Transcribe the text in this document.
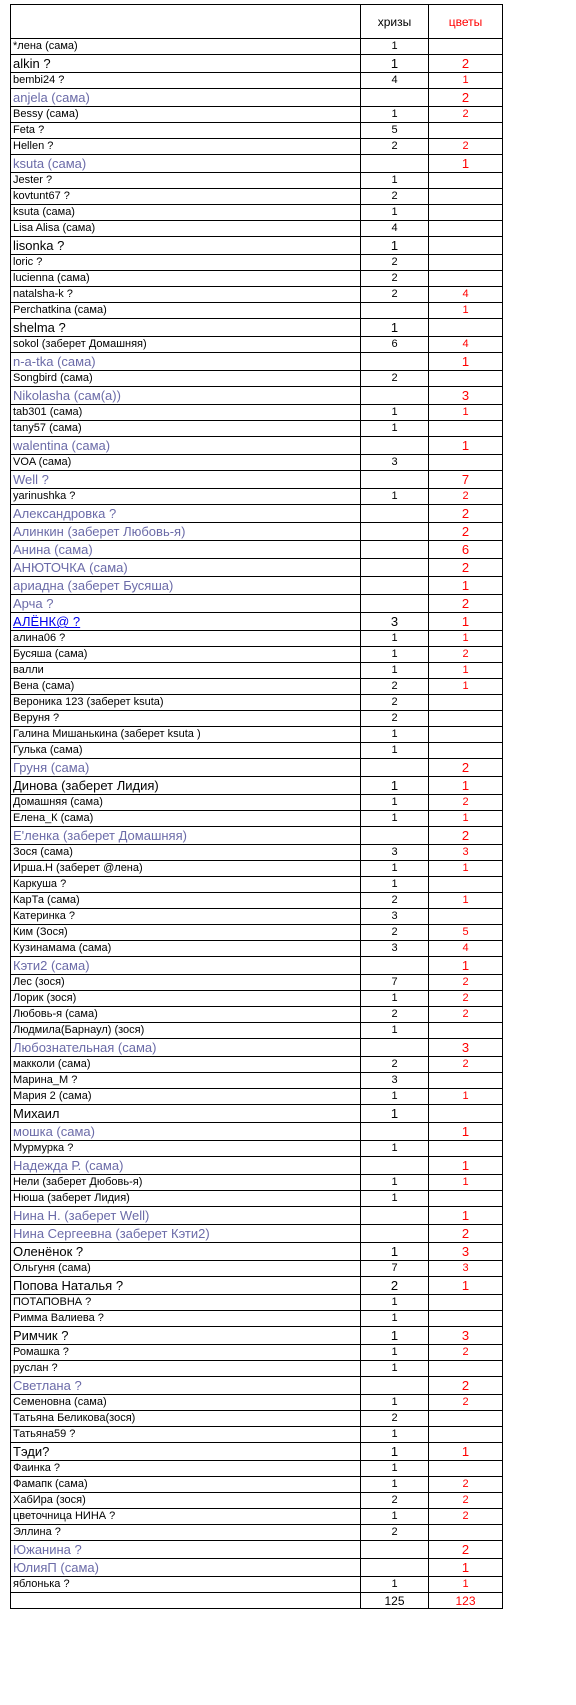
	хризы	цветы
*лена (сама)	1	
alkin ?	1	2
bembi24 ?	4	1
anjela (сама)		2
Bessy (сама)	1	2
Feta ?	5	
Hellen ?	2	2
ksuta (сама)		1
Jester ?	1	
kovtunt67 ?	2	
ksuta (сама)	1	
Lisa Alisa (сама)	4	
lisonka ?	1	
loric ?	2	
lucienna (сама)	2	
natalsha-k ?	2	4
Perchatkina (сама)		1
shelma ?	1	
sokol (заберет Домашняя)	6	4
n-a-tka (сама)		1
Songbird (сама)	2	
Nikolasha (сам(а))		3
tab301 (сама)	1	1
tany57 (сама)	1	
walentina (сама)		1
VOA (сама)	3	
Well ?		7
yarinushka ?	1	2
Александровка ?		2
Алинкин (заберет Любовь-я)		2
Анина (сама)		6
АНЮТОЧКА (сама)		2
ариадна (заберет Бусяша)		1
Арча ?		2
АЛЁНК@ ?	3	1
алина06 ?	1	1
Бусяша (сама)	1	2
валли	1	1
Вена (сама)	2	1
Вероника 123 (заберет ksuta)	2	
Веруня ?	2	
Галина Мишанькина (заберет ksuta )	1	
Гулька (сама)	1	
Груня (сама)		2
Динова (заберет Лидия)	1	1
Домашняя (сама)	1	2
Елена_К (сама)	1	1
Е'ленка (заберет Домашняя)		2
Зося (сама)	3	3
Ирша.Н (заберет @лена)	1	1
Каркуша ?	1	
КарТа (сама)	2	1
Катеринка ?	3	
Ким (Зося)	2	5
Кузинамама (сама)	3	4
Кэти2 (сама)		1
Лес (зося)	7	2
Лорик (зося)	1	2
Любовь-я (сама)	2	2
Людмила(Барнаул) (зося)	1	
Любознательная (сама)		3
макколи (сама)	2	2
Марина_М ?	3	
Мария 2 (сама)	1	1
Михаил	1	
мошка (сама)		1
Мурмурка ?	1	
Надежда Р. (сама)		1
Нели (заберет Дюбовь-я)	1	1
Нюша (заберет Лидия)	1	
Нина Н. (заберет Well)		1
Нина Сергеевна (заберет Кэти2)		2
Оленёнок ?	1	3
Ольгуня (сама)	7	3
Попова Наталья ?	2	1
ПОТАПОВНА ?	1	
Римма Валиева ?	1	
Римчик ?	1	3
Ромашка ?	1	2
руслан ?	1	
Светлана ?		2
Семеновна (сама)	1	2
Татьяна Беликова(зося)	2	
Татьяна59 ?	1	
Тэди?	1	1
Фаинка ?	1	
Фамапк (сама)	1	2
ХабИра (зося)	2	2
цветочница НИНА ?	1	2
Эллина ?	2	
Южанина ?		2
ЮлияП (сама)		1
яблонька ?	1	1
	125	123
